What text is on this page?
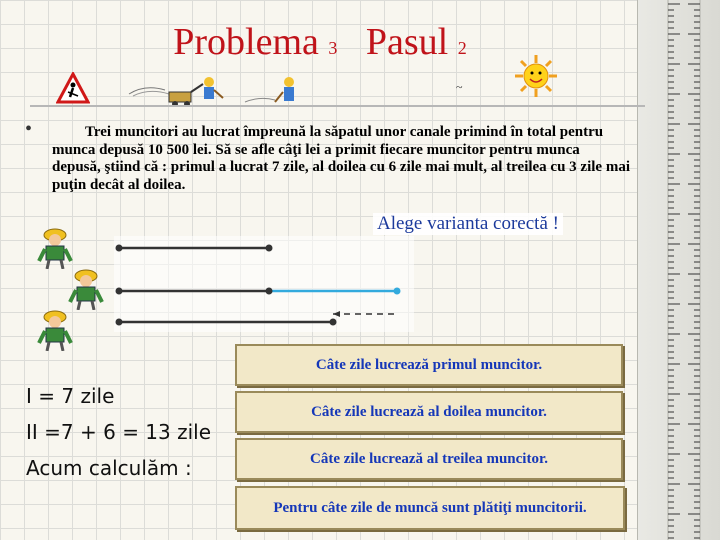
Problema 3 Pasul 2
~
•	Trei muncitori au lucrat împreună la săpatul unor canale primind în total pentru munca depusă 10 500 lei. Să se afle câţi lei a primit fiecare muncitor pentru munca depusă, ştiind că : primul a lucrat 7 zile, al doilea cu 6 zile mai mult, al treilea cu 3 zile mai puţin decât al doilea.
Alege varianta corectă !
I = 7 zile
II =7 + 6 = 13 zile
Acum calculăm :
Câte zile lucrează primul muncitor.
Câte zile lucrează al doilea muncitor.
Câte zile lucrează al treilea muncitor.
Pentru câte zile de muncă sunt plătiţi muncitorii.
